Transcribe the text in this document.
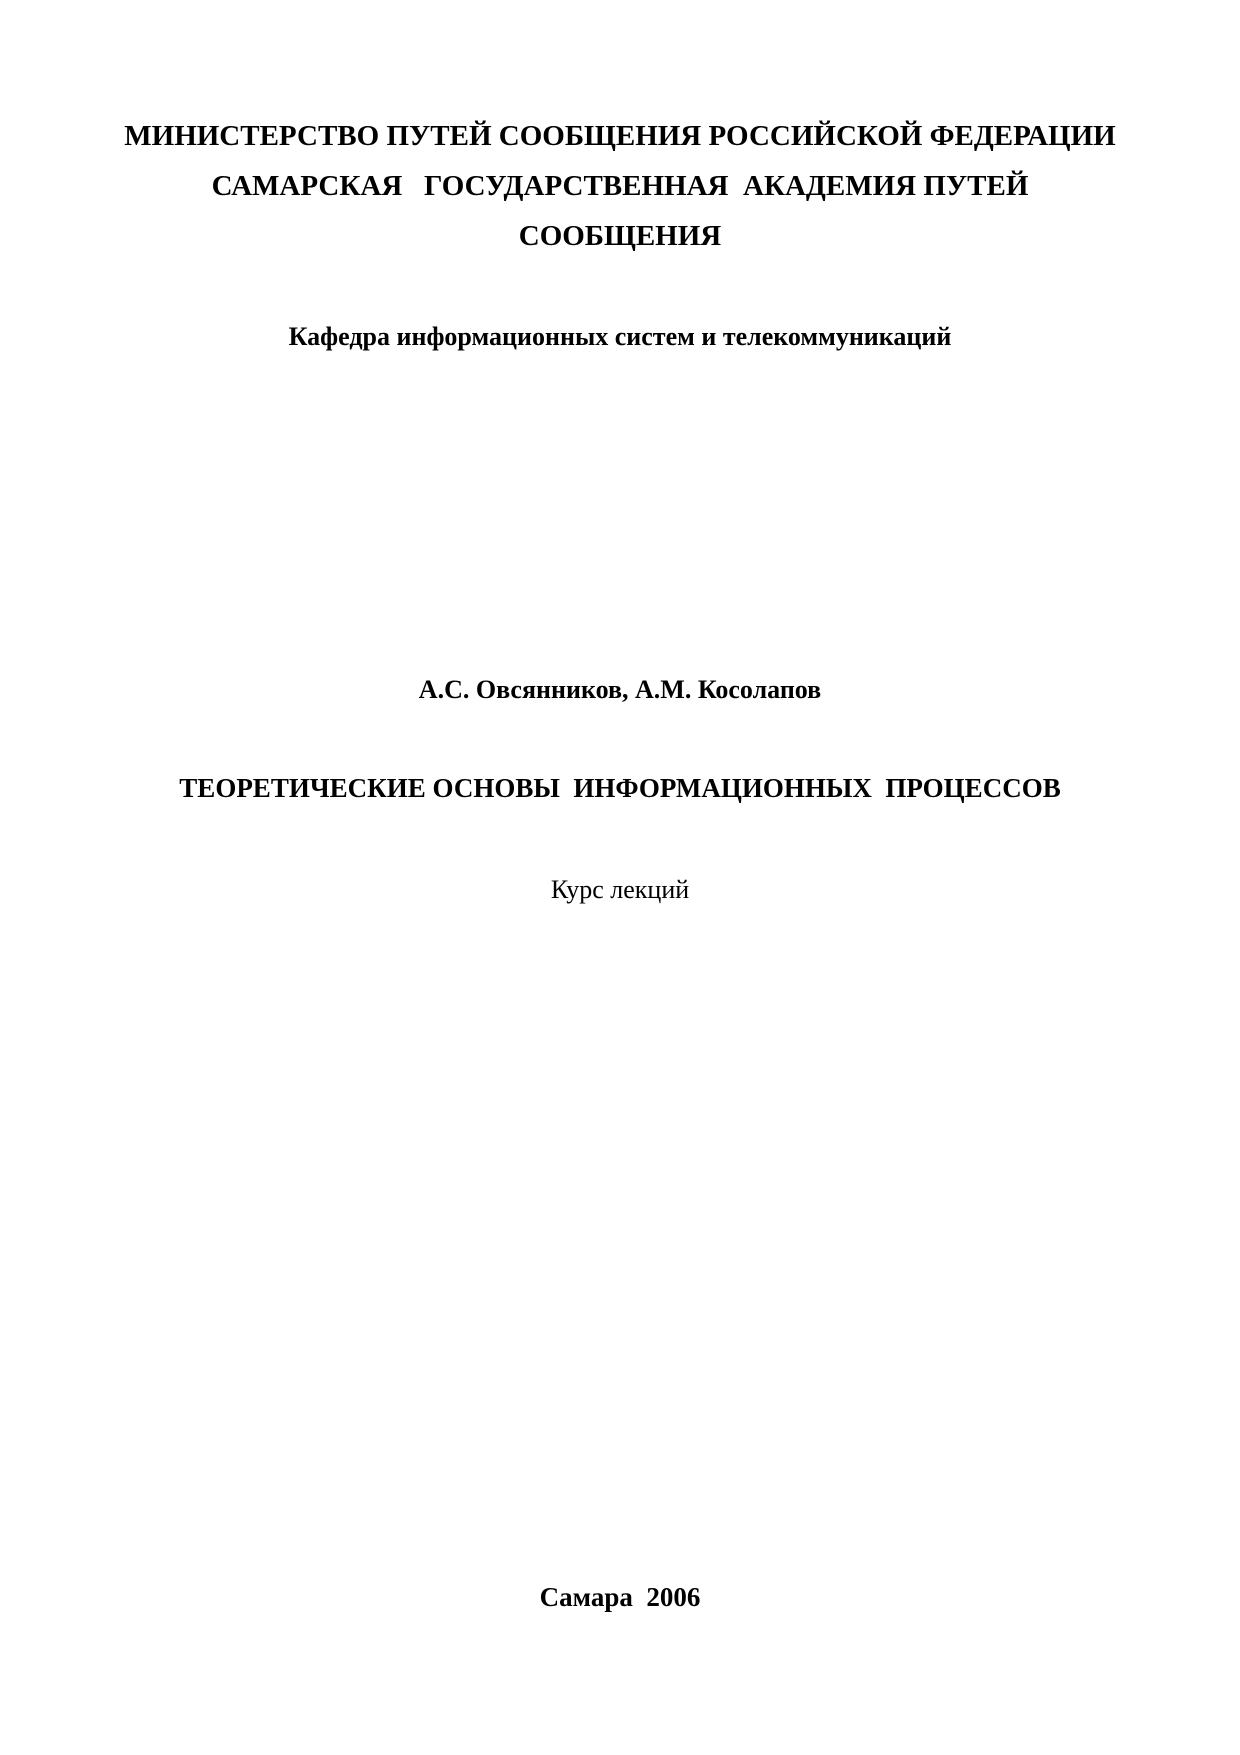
МИНИСТЕРСТВО ПУТЕЙ СООБЩЕНИЯ РОССИЙСКОЙ ФЕДЕРАЦИИ
САМАРСКАЯ   ГОСУДАРСТВЕННАЯ  АКАДЕМИЯ ПУТЕЙ
СООБЩЕНИЯ
Кафедра информационных систем и телекоммуникаций
А.С. Овсянников, А.М. Косолапов
ТЕОРЕТИЧЕСКИЕ ОСНОВЫ  ИНФОРМАЦИОННЫХ  ПРОЦЕССОВ
Курс лекций
Самара  2006
